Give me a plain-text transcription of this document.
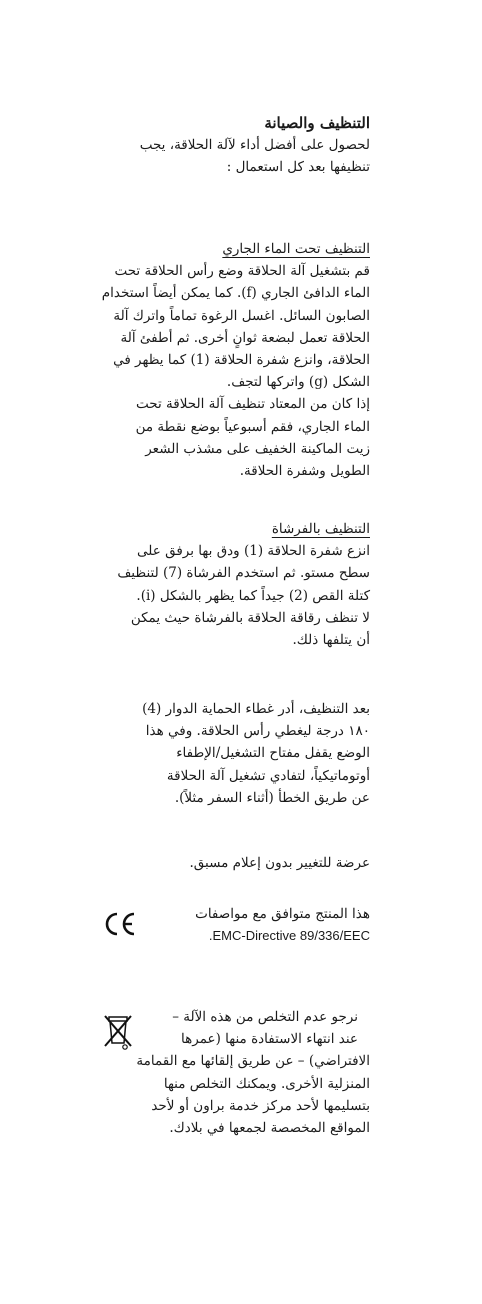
التنظيف والصيانة
لحصول على أفضل أداء لآلة الحلاقة، يجب
تنظيفها بعد كل استعمال :
التنظيف تحت الماء الجاري
قم بتشغيل آلة الحلاقة وضع رأس الحلاقة تحت
الماء الدافئ الجاري (f). كما يمكن أيضاً استخدام
الصابون السائل. اغسل الرغوة تماماً واترك آلة
الحلاقة تعمل لبضعة ثوانٍ أخرى. ثم أطفئ آلة
الحلاقة، وانزع شفرة الحلاقة (1) كما يظهر في
الشكل (g) واتركها لتجف.
إذا كان من المعتاد تنظيف آلة الحلاقة تحت
الماء الجاري، فقم أسبوعياً بوضع نقطة من
زيت الماكينة الخفيف على مشذب الشعر
الطويل وشفرة الحلاقة.
التنظيف بالفرشاة
انزع شفرة الحلاقة (1) ودق بها برفق على
سطح مستو. ثم استخدم الفرشاة (7) لتنظيف
كتلة القص (2) جيداً كما يظهر بالشكل (i).
لا تنظف رقاقة الحلاقة بالفرشاة حيث يمكن
أن يتلفها ذلك.
بعد التنظيف، أدر غطاء الحماية الدوار (4)
١٨٠ درجة ليغطي رأس الحلاقة. وفي هذا
الوضع يقفل مفتاح التشغيل/الإطفاء
أوتوماتيكياً، لتفادي تشغيل آلة الحلاقة
عن طريق الخطأ (أثناء السفر مثلاً).
عرضة للتغيير بدون إعلام مسبق.
هذا المنتج متوافق مع مواصفات
.EMC-Directive 89/336/EEC
نرجو عدم التخلص من هذه الآلة –
عند انتهاء الاستفادة منها (عمرها
الافتراضي) – عن طريق إلقائها مع القمامة
المنزلية الأخرى. ويمكنك التخلص منها
بتسليمها لأحد مركز خدمة براون أو لأحد
المواقع المخصصة لجمعها في بلادك.
